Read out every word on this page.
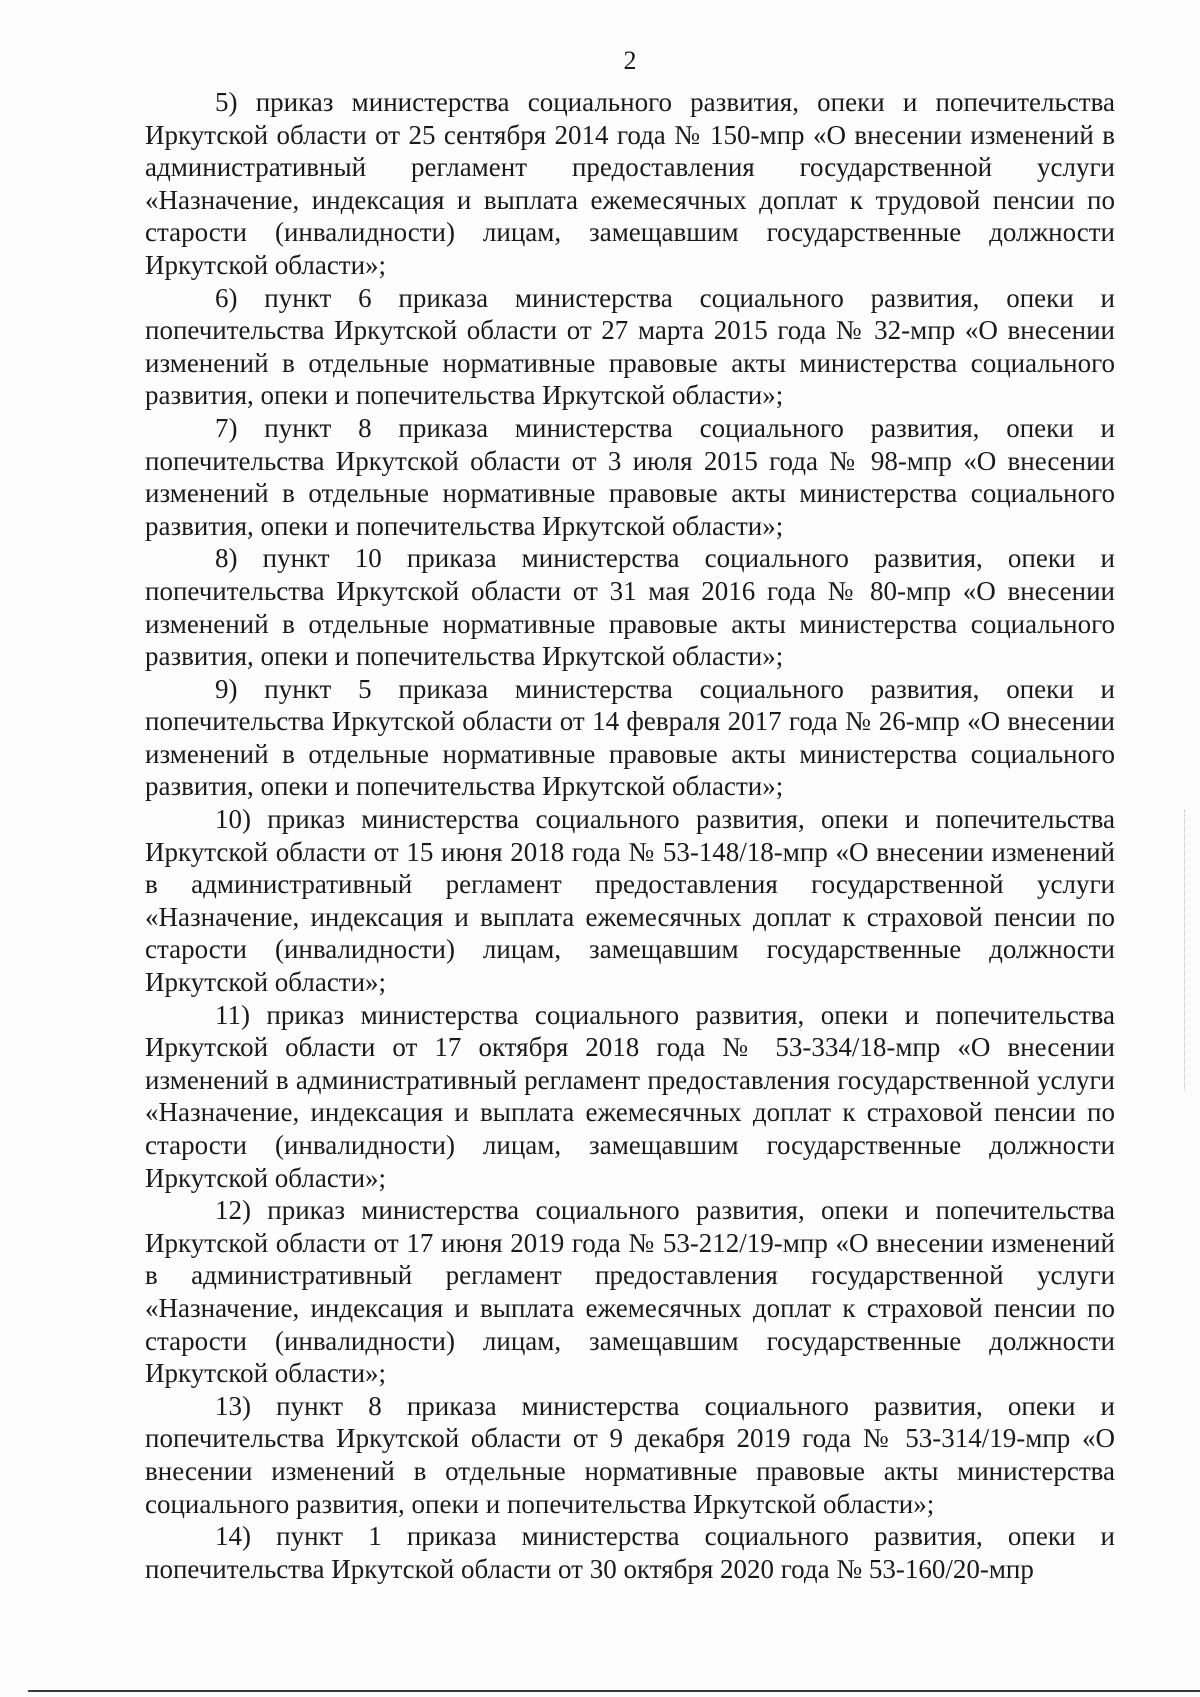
2

5) приказ министерства социального развития, опеки и попечительства Иркутской области от 25 сентября 2014 года № 150-мпр «О внесении изменений в административный регламент предоставления государственной услуги «Назначение, индексация и выплата ежемесячных доплат к трудовой пенсии по старости (инвалидности) лицам, замещавшим государственные должности Иркутской области»;

6) пункт 6 приказа министерства социального развития, опеки и попечительства Иркутской области от 27 марта 2015 года № 32-мпр «О внесении изменений в отдельные нормативные правовые акты министерства социального развития, опеки и попечительства Иркутской области»;

7) пункт 8 приказа министерства социального развития, опеки и попечительства Иркутской области от 3 июля 2015 года № 98-мпр «О внесении изменений в отдельные нормативные правовые акты министерства социального развития, опеки и попечительства Иркутской области»;

8) пункт 10 приказа министерства социального развития, опеки и попечительства Иркутской области от 31 мая 2016 года № 80-мпр «О внесении изменений в отдельные нормативные правовые акты министерства социального развития, опеки и попечительства Иркутской области»;

9) пункт 5 приказа министерства социального развития, опеки и попечительства Иркутской области от 14 февраля 2017 года № 26-мпр «О внесении изменений в отдельные нормативные правовые акты министерства социального развития, опеки и попечительства Иркутской области»;

10) приказ министерства социального развития, опеки и попечительства Иркутской области от 15 июня 2018 года № 53-148/18-мпр «О внесении изменений в административный регламент предоставления государственной услуги «Назначение, индексация и выплата ежемесячных доплат к страховой пенсии по старости (инвалидности) лицам, замещавшим государственные должности Иркутской области»;

11) приказ министерства социального развития, опеки и попечительства Иркутской области от 17 октября 2018 года № 53-334/18-мпр «О внесении изменений в административный регламент предоставления государственной услуги «Назначение, индексация и выплата ежемесячных доплат к страховой пенсии по старости (инвалидности) лицам, замещавшим государственные должности Иркутской области»;

12) приказ министерства социального развития, опеки и попечительства Иркутской области от 17 июня 2019 года № 53-212/19-мпр «О внесении изменений в административный регламент предоставления государственной услуги «Назначение, индексация и выплата ежемесячных доплат к страховой пенсии по старости (инвалидности) лицам, замещавшим государственные должности Иркутской области»;

13) пункт 8 приказа министерства социального развития, опеки и попечительства Иркутской области от 9 декабря 2019 года № 53-314/19-мпр «О внесении изменений в отдельные нормативные правовые акты министерства социального развития, опеки и попечительства Иркутской области»;

14) пункт 1 приказа министерства социального развития, опеки и попечительства Иркутской области от 30 октября 2020 года № 53-160/20-мпр
